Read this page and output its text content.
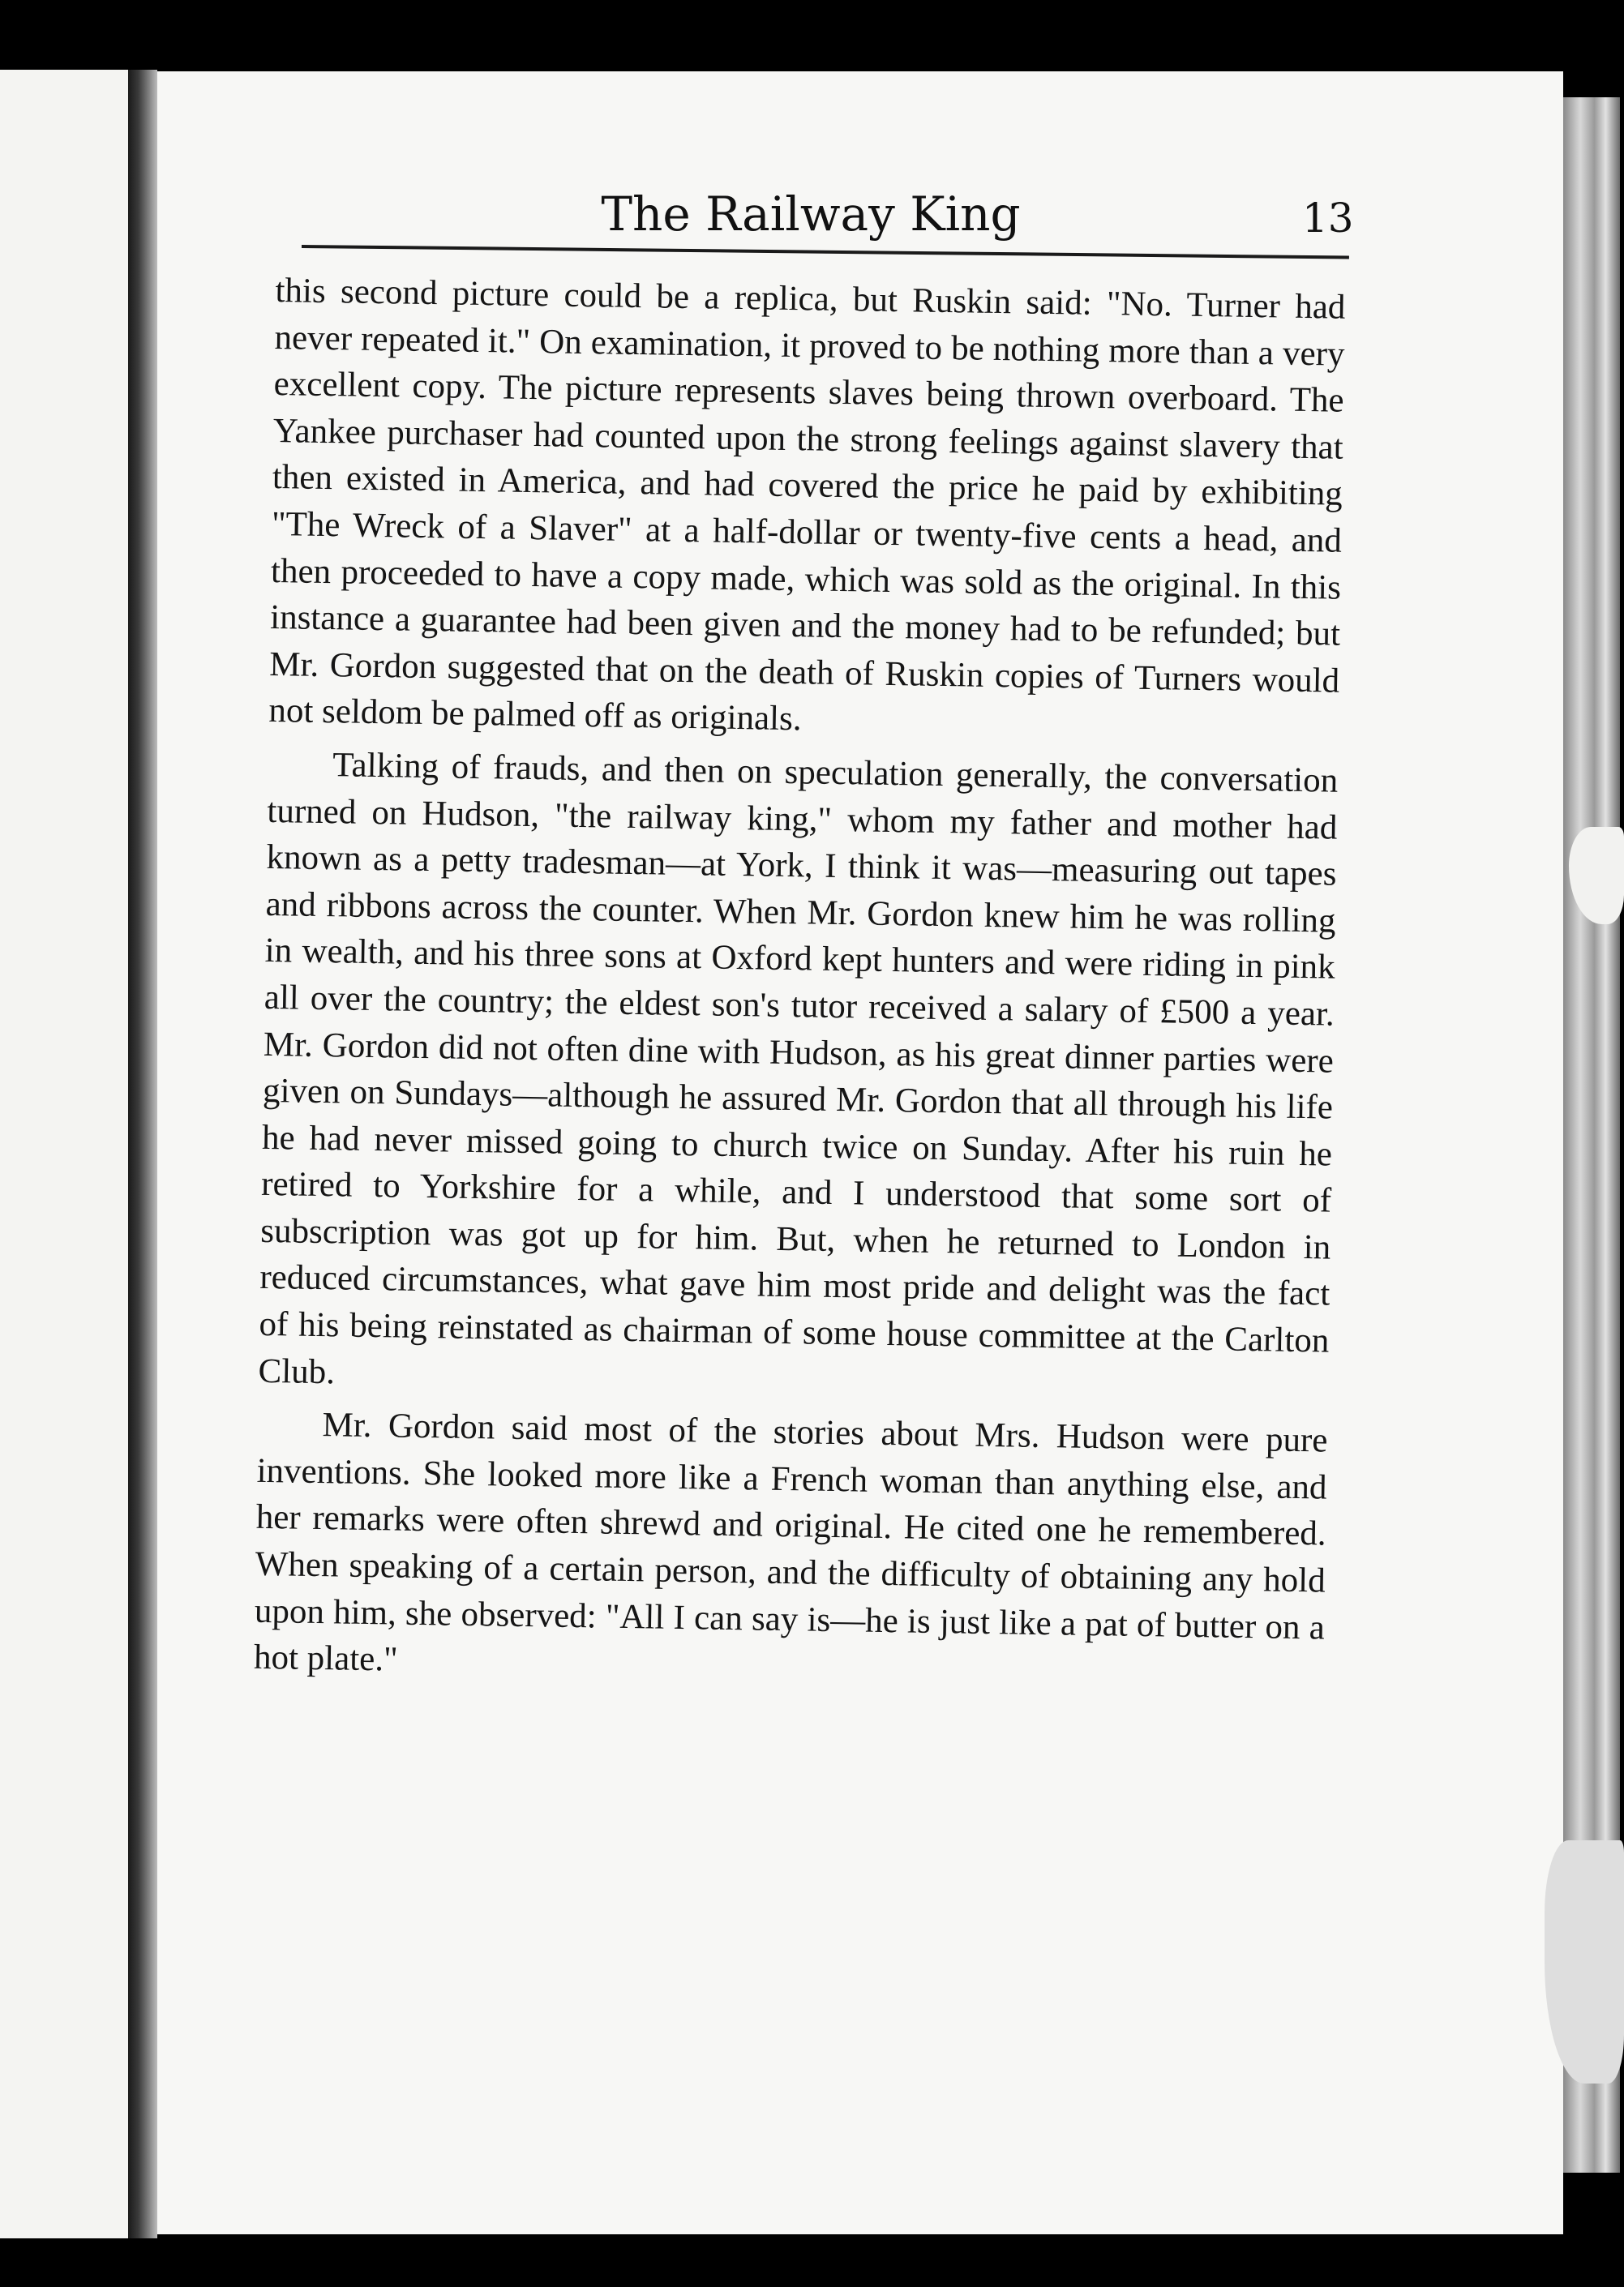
The Railway King	13

this second picture could be a replica, but Ruskin said: "No. Turner had never repeated it." On examination, it proved to be nothing more than a very excellent copy. The picture represents slaves being thrown overboard. The Yankee purchaser had counted upon the strong feelings against slavery that then existed in America, and had covered the price he paid by exhibiting "The Wreck of a Slaver" at a half-dollar or twenty-five cents a head, and then proceeded to have a copy made, which was sold as the original. In this instance a guarantee had been given and the money had to be refunded; but Mr. Gordon suggested that on the death of Ruskin copies of Turners would not seldom be palmed off as originals.

Talking of frauds, and then on speculation generally, the conversation turned on Hudson, "the railway king," whom my father and mother had known as a petty tradesman—at York, I think it was—measuring out tapes and ribbons across the counter. When Mr. Gordon knew him he was rolling in wealth, and his three sons at Oxford kept hunters and were riding in pink all over the country; the eldest son's tutor received a salary of £500 a year. Mr. Gordon did not often dine with Hudson, as his great dinner parties were given on Sundays—although he assured Mr. Gordon that all through his life he had never missed going to church twice on Sunday. After his ruin he retired to Yorkshire for a while, and I understood that some sort of subscription was got up for him. But, when he returned to London in reduced circumstances, what gave him most pride and delight was the fact of his being reinstated as chairman of some house committee at the Carlton Club.

Mr. Gordon said most of the stories about Mrs. Hudson were pure inventions. She looked more like a French woman than anything else, and her remarks were often shrewd and original. He cited one he remembered. When speaking of a certain person, and the difficulty of obtaining any hold upon him, she observed: "All I can say is—he is just like a pat of butter on a hot plate."
